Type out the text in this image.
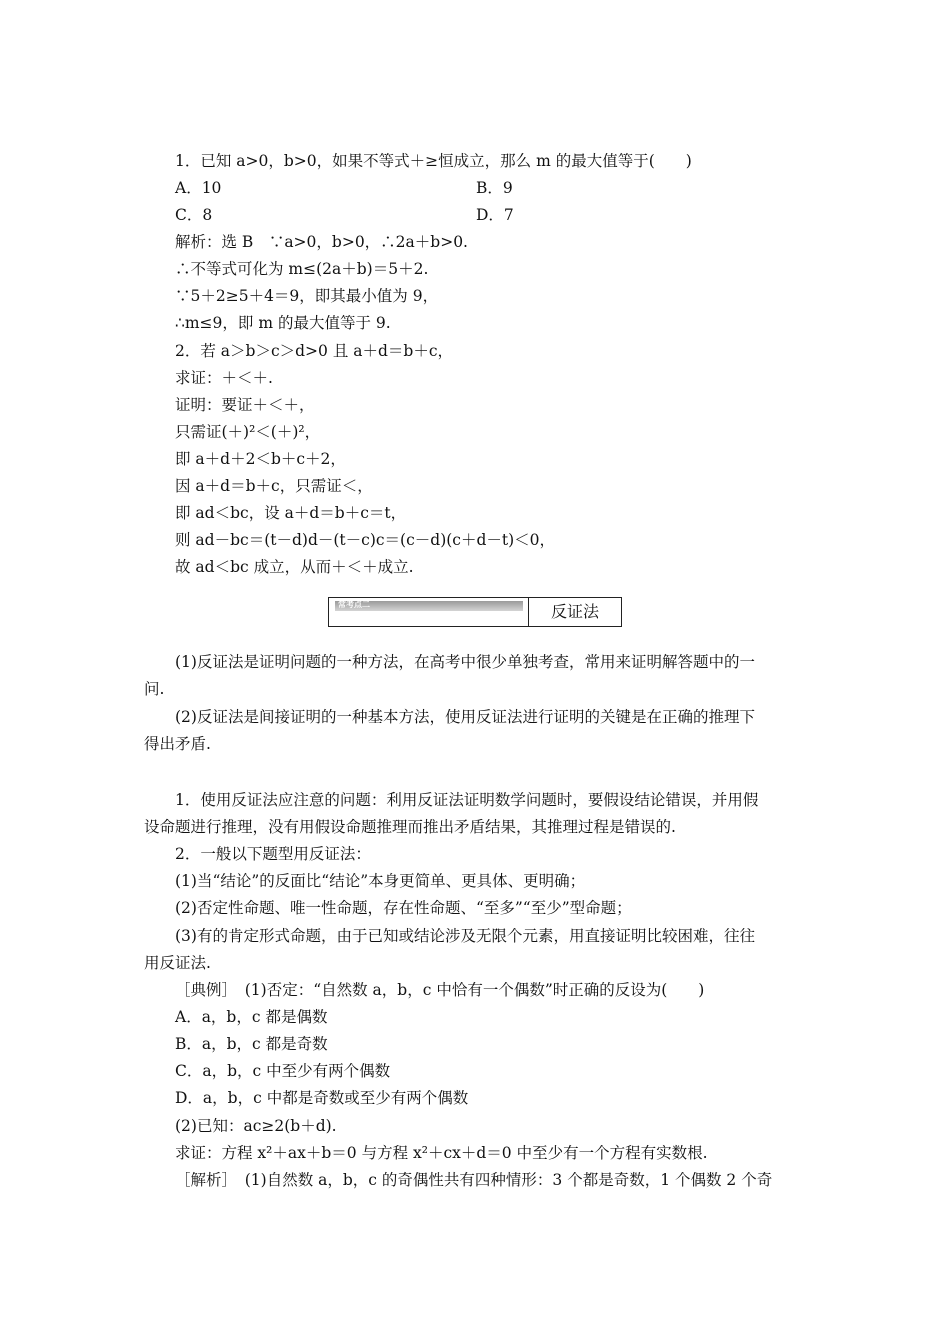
1．已知 a>0，b>0，如果不等式＋≥恒成立，那么 m 的最大值等于(　　)
A．10	B．9
C．8	D．7
解析：选 B　∵a>0，b>0，∴2a＋b>0.
∴不等式可化为 m≤(2a＋b)＝5＋2.
∵5＋2≥5＋4＝9，即其最小值为 9，
∴m≤9，即 m 的最大值等于 9.
2．若 a＞b＞c＞d>0 且 a＋d＝b＋c，
求证：＋＜＋.
证明：要证＋＜＋，
只需证(＋)²＜(＋)²，
即 a＋d＋2＜b＋c＋2，
因 a＋d＝b＋c，只需证＜，
即 ad＜bc，设 a＋d＝b＋c＝t，
则 ad－bc＝(t－d)d－(t－c)c＝(c－d)(c＋d－t)＜0，
故 ad＜bc 成立，从而＋＜＋成立.
常考点二	反证法
(1)反证法是证明问题的一种方法，在高考中很少单独考查，常用来证明解答题中的一
问.
(2)反证法是间接证明的一种基本方法，使用反证法进行证明的关键是在正确的推理下
得出矛盾.
1．使用反证法应注意的问题：利用反证法证明数学问题时，要假设结论错误，并用假
设命题进行推理，没有用假设命题推理而推出矛盾结果，其推理过程是错误的.
2．一般以下题型用反证法：
(1)当“结论”的反面比“结论”本身更简单、更具体、更明确；
(2)否定性命题、唯一性命题，存在性命题、“至多”“至少”型命题；
(3)有的肯定形式命题，由于已知或结论涉及无限个元素，用直接证明比较困难，往往
用反证法.
［典例］　(1)否定：“自然数 a，b，c 中恰有一个偶数”时正确的反设为(　　)
A．a，b，c 都是偶数
B．a，b，c 都是奇数
C．a，b，c 中至少有两个偶数
D．a，b，c 中都是奇数或至少有两个偶数
(2)已知：ac≥2(b＋d).
求证：方程 x²＋ax＋b＝0 与方程 x²＋cx＋d＝0 中至少有一个方程有实数根.
［解析］　(1)自然数 a，b，c 的奇偶性共有四种情形：3 个都是奇数，1 个偶数 2 个奇
